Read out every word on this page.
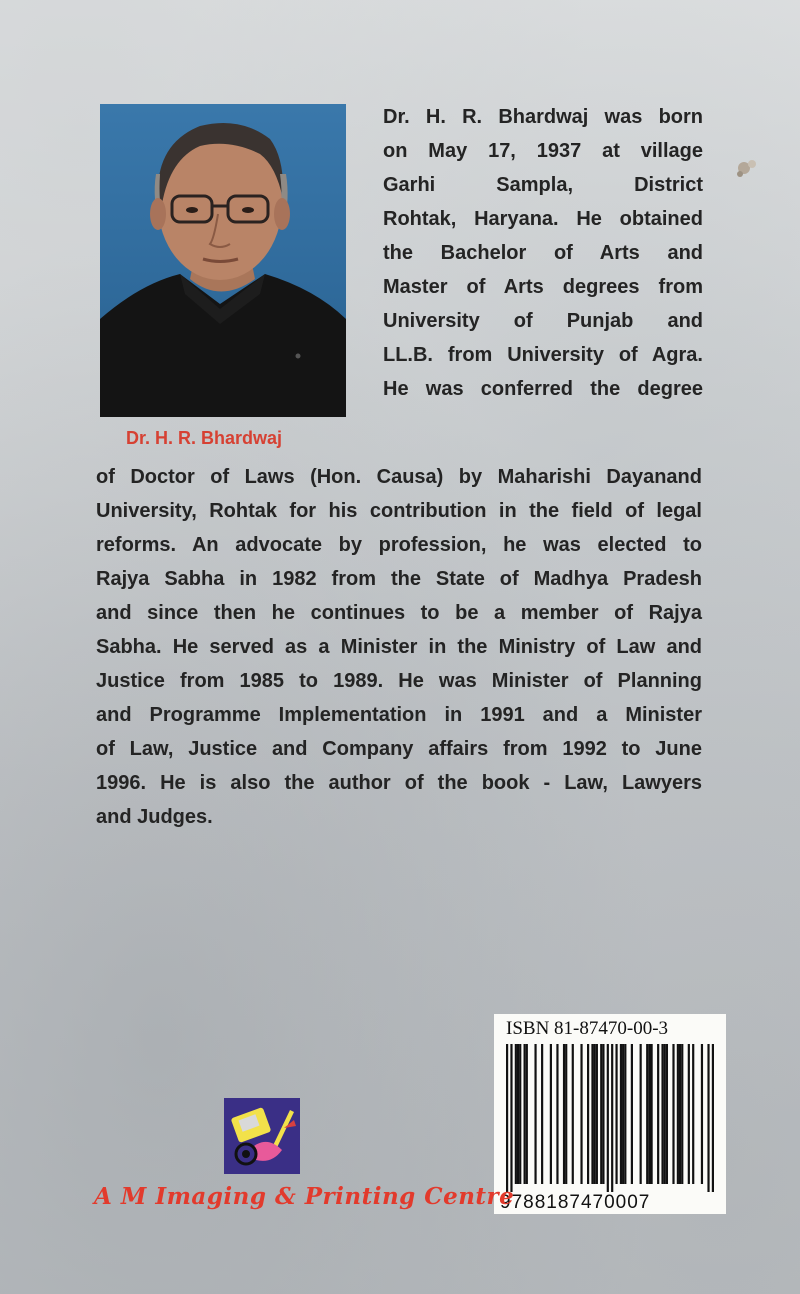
Dr. H. R. Bhardwaj
Dr. H. R. Bhardwaj was born
on May 17, 1937 at village
Garhi Sampla, District
Rohtak, Haryana. He obtained
the Bachelor of Arts and
Master of Arts degrees from
University of Punjab and
LL.B. from University of Agra.
He was conferred the degree
of Doctor of Laws (Hon. Causa) by Maharishi Dayanand
University, Rohtak for his contribution in the field of legal
reforms. An advocate by profession, he was elected to
Rajya Sabha in 1982 from the State of Madhya Pradesh
and since then he continues to be a member of Rajya
Sabha. He served as a Minister in the Ministry of Law and
Justice from 1985 to 1989. He was Minister of Planning
and Programme Implementation in 1991 and a Minister
of Law, Justice and Company affairs from 1992 to June
1996. He is also the author of the book - Law, Lawyers
and Judges.
ISBN 81-87470-00-3
9788187470007
A M Imaging & Printing Centre
